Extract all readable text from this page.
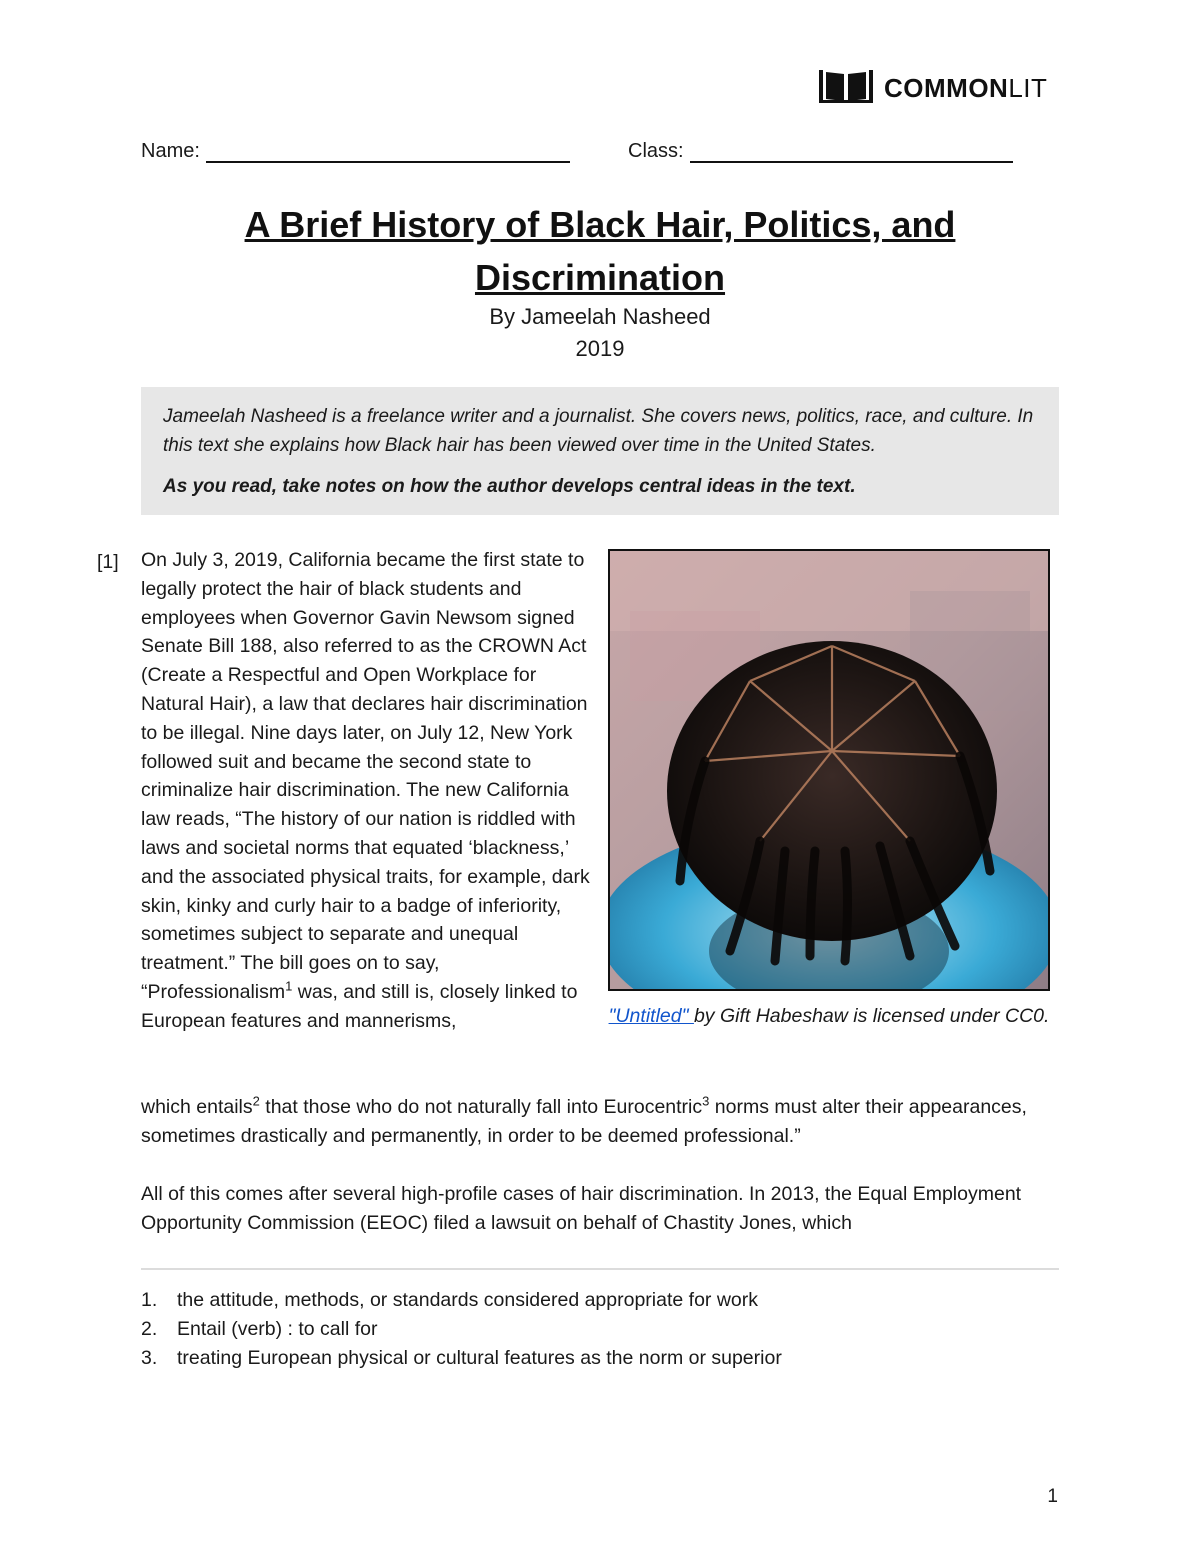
COMMONLIT
Name:	Class:
A Brief History of Black Hair, Politics, and Discrimination
By Jameelah Nasheed
2019

Jameelah Nasheed is a freelance writer and a journalist. She covers news, politics, race, and culture. In this text she explains how Black hair has been viewed over time in the United States.

As you read, take notes on how the author develops central ideas in the text.

[1] On July 3, 2019, California became the first state to legally protect the hair of black students and employees when Governor Gavin Newsom signed Senate Bill 188, also referred to as the CROWN Act (Create a Respectful and Open Workplace for Natural Hair), a law that declares hair discrimination to be illegal. Nine days later, on July 12, New York followed suit and became the second state to criminalize hair discrimination. The new California law reads, “The history of our nation is riddled with laws and societal norms that equated ‘blackness,’ and the associated physical traits, for example, dark skin, kinky and curly hair to a badge of inferiority, sometimes subject to separate and unequal treatment.” The bill goes on to say, “Professionalism$^1$ was, and still is, closely linked to European features and mannerisms,	"Untitled" by Gift Habeshaw is licensed under CC0.

which entails$^2$ that those who do not naturally fall into Eurocentric$^3$ norms must alter their appearances, sometimes drastically and permanently, in order to be deemed professional.”

All of this comes after several high-profile cases of hair discrimination. In 2013, the Equal Employment Opportunity Commission (EEOC) filed a lawsuit on behalf of Chastity Jones, which

1.	the attitude, methods, or standards considered appropriate for work
2.	Entail (verb) : to call for
3.	treating European physical or cultural features as the norm or superior
1
